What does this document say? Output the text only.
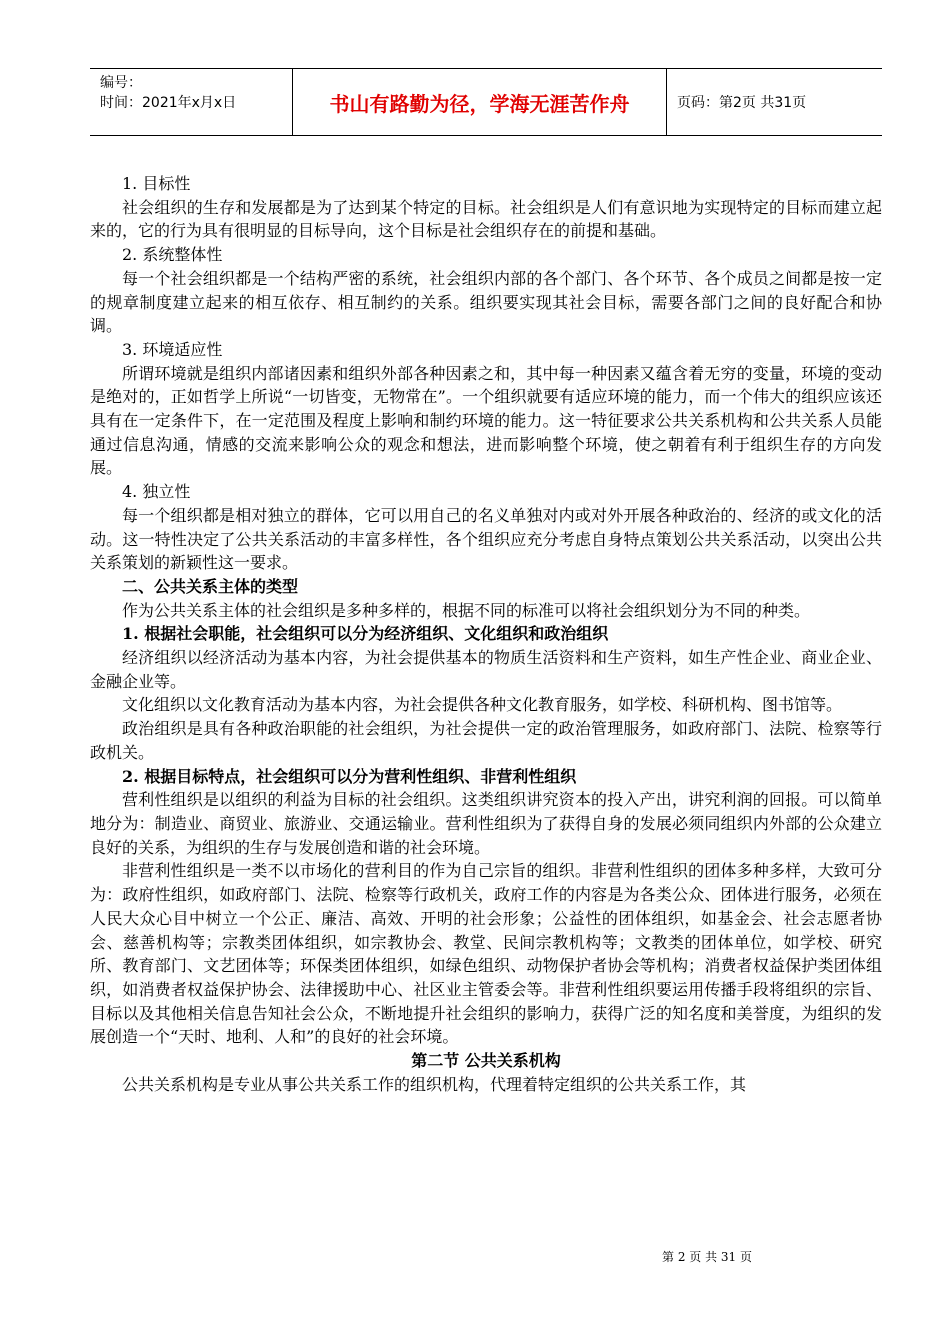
编号：
时间：2021年x月x日	书山有路勤为径，学海无涯苦作舟	页码：第2页 共31页

1. 目标性

社会组织的生存和发展都是为了达到某个特定的目标。社会组织是人们有意识地为实现特定的目标而建立起来的，它的行为具有很明显的目标导向，这个目标是社会组织存在的前提和基础。

2. 系统整体性

每一个社会组织都是一个结构严密的系统，社会组织内部的各个部门、各个环节、各个成员之间都是按一定的规章制度建立起来的相互依存、相互制约的关系。组织要实现其社会目标，需要各部门之间的良好配合和协调。

3. 环境适应性

所谓环境就是组织内部诸因素和组织外部各种因素之和，其中每一种因素又蕴含着无穷的变量，环境的变动是绝对的，正如哲学上所说“一切皆变，无物常在”。一个组织就要有适应环境的能力，而一个伟大的组织应该还具有在一定条件下，在一定范围及程度上影响和制约环境的能力。这一特征要求公共关系机构和公共关系人员能通过信息沟通，情感的交流来影响公众的观念和想法，进而影响整个环境，使之朝着有利于组织生存的方向发展。

4. 独立性

每一个组织都是相对独立的群体，它可以用自己的名义单独对内或对外开展各种政治的、经济的或文化的活动。这一特性决定了公共关系活动的丰富多样性，各个组织应充分考虑自身特点策划公共关系活动，以突出公共关系策划的新颖性这一要求。

二、公共关系主体的类型

作为公共关系主体的社会组织是多种多样的，根据不同的标准可以将社会组织划分为不同的种类。

1. 根据社会职能，社会组织可以分为经济组织、文化组织和政治组织

经济组织以经济活动为基本内容，为社会提供基本的物质生活资料和生产资料，如生产性企业、商业企业、金融企业等。

文化组织以文化教育活动为基本内容，为社会提供各种文化教育服务，如学校、科研机构、图书馆等。

政治组织是具有各种政治职能的社会组织，为社会提供一定的政治管理服务，如政府部门、法院、检察等行政机关。

2. 根据目标特点，社会组织可以分为营利性组织、非营利性组织

营利性组织是以组织的利益为目标的社会组织。这类组织讲究资本的投入产出，讲究利润的回报。可以简单地分为：制造业、商贸业、旅游业、交通运输业。营利性组织为了获得自身的发展必须同组织内外部的公众建立良好的关系，为组织的生存与发展创造和谐的社会环境。

非营利性组织是一类不以市场化的营利目的作为自己宗旨的组织。非营利性组织的团体多种多样，大致可分为：政府性组织，如政府部门、法院、检察等行政机关，政府工作的内容是为各类公众、团体进行服务，必须在人民大众心目中树立一个公正、廉洁、高效、开明的社会形象；公益性的团体组织，如基金会、社会志愿者协会、慈善机构等；宗教类团体组织，如宗教协会、教堂、民间宗教机构等；文教类的团体单位，如学校、研究所、教育部门、文艺团体等；环保类团体组织，如绿色组织、动物保护者协会等机构；消费者权益保护类团体组织，如消费者权益保护协会、法律援助中心、社区业主管委会等。非营利性组织要运用传播手段将组织的宗旨、目标以及其他相关信息告知社会公众，不断地提升社会组织的影响力，获得广泛的知名度和美誉度，为组织的发展创造一个“天时、地利、人和”的良好的社会环境。

第二节 公共关系机构

公共关系机构是专业从事公共关系工作的组织机构，代理着特定组织的公共关系工作，其

第 2 页 共 31 页
